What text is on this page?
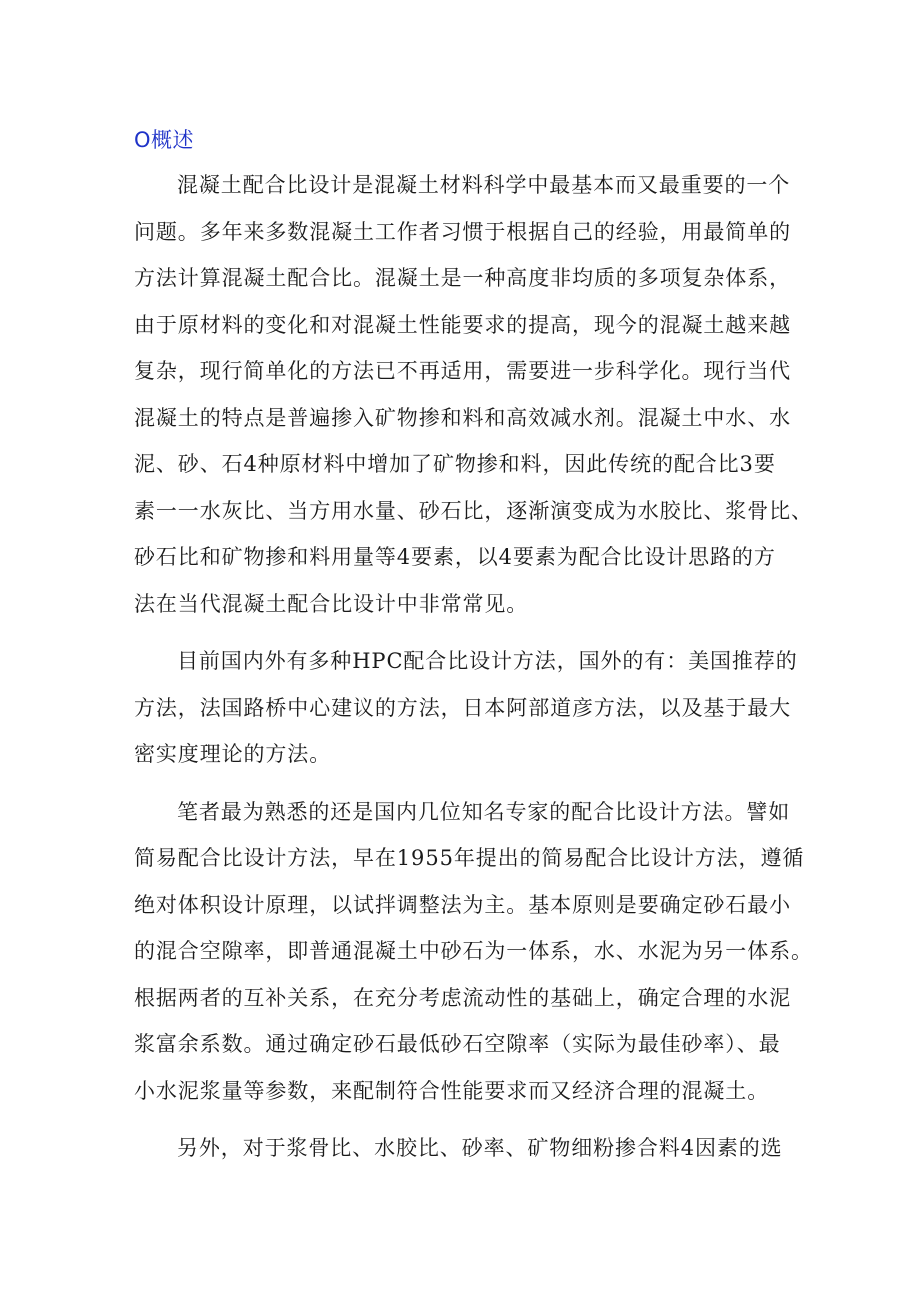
O概述
混凝土配合比设计是混凝土材料科学中最基本而又最重要的一个
问题。多年来多数混凝土工作者习惯于根据自己的经验，用最简单的
方法计算混凝土配合比。混凝土是一种高度非均质的多项复杂体系，
由于原材料的变化和对混凝土性能要求的提高，现今的混凝土越来越
复杂，现行简单化的方法已不再适用，需要进一步科学化。现行当代
混凝土的特点是普遍掺入矿物掺和料和高效减水剂。混凝土中水、水
泥、砂、石4种原材料中增加了矿物掺和料，因此传统的配合比3要
素一一水灰比、当方用水量、砂石比，逐渐演变成为水胶比、浆骨比、
砂石比和矿物掺和料用量等4要素，以4要素为配合比设计思路的方
法在当代混凝土配合比设计中非常常见。
目前国内外有多种HPC配合比设计方法，国外的有：美国推荐的
方法，法国路桥中心建议的方法，日本阿部道彦方法，以及基于最大
密实度理论的方法。
笔者最为熟悉的还是国内几位知名专家的配合比设计方法。譬如
简易配合比设计方法，早在1955年提出的简易配合比设计方法，遵循
绝对体积设计原理，以试拌调整法为主。基本原则是要确定砂石最小
的混合空隙率，即普通混凝土中砂石为一体系，水、水泥为另一体系。
根据两者的互补关系，在充分考虑流动性的基础上，确定合理的水泥
浆富余系数。通过确定砂石最低砂石空隙率（实际为最佳砂率）、最
小水泥浆量等参数，来配制符合性能要求而又经济合理的混凝土。
另外，对于浆骨比、水胶比、砂率、矿物细粉掺合料4因素的选
